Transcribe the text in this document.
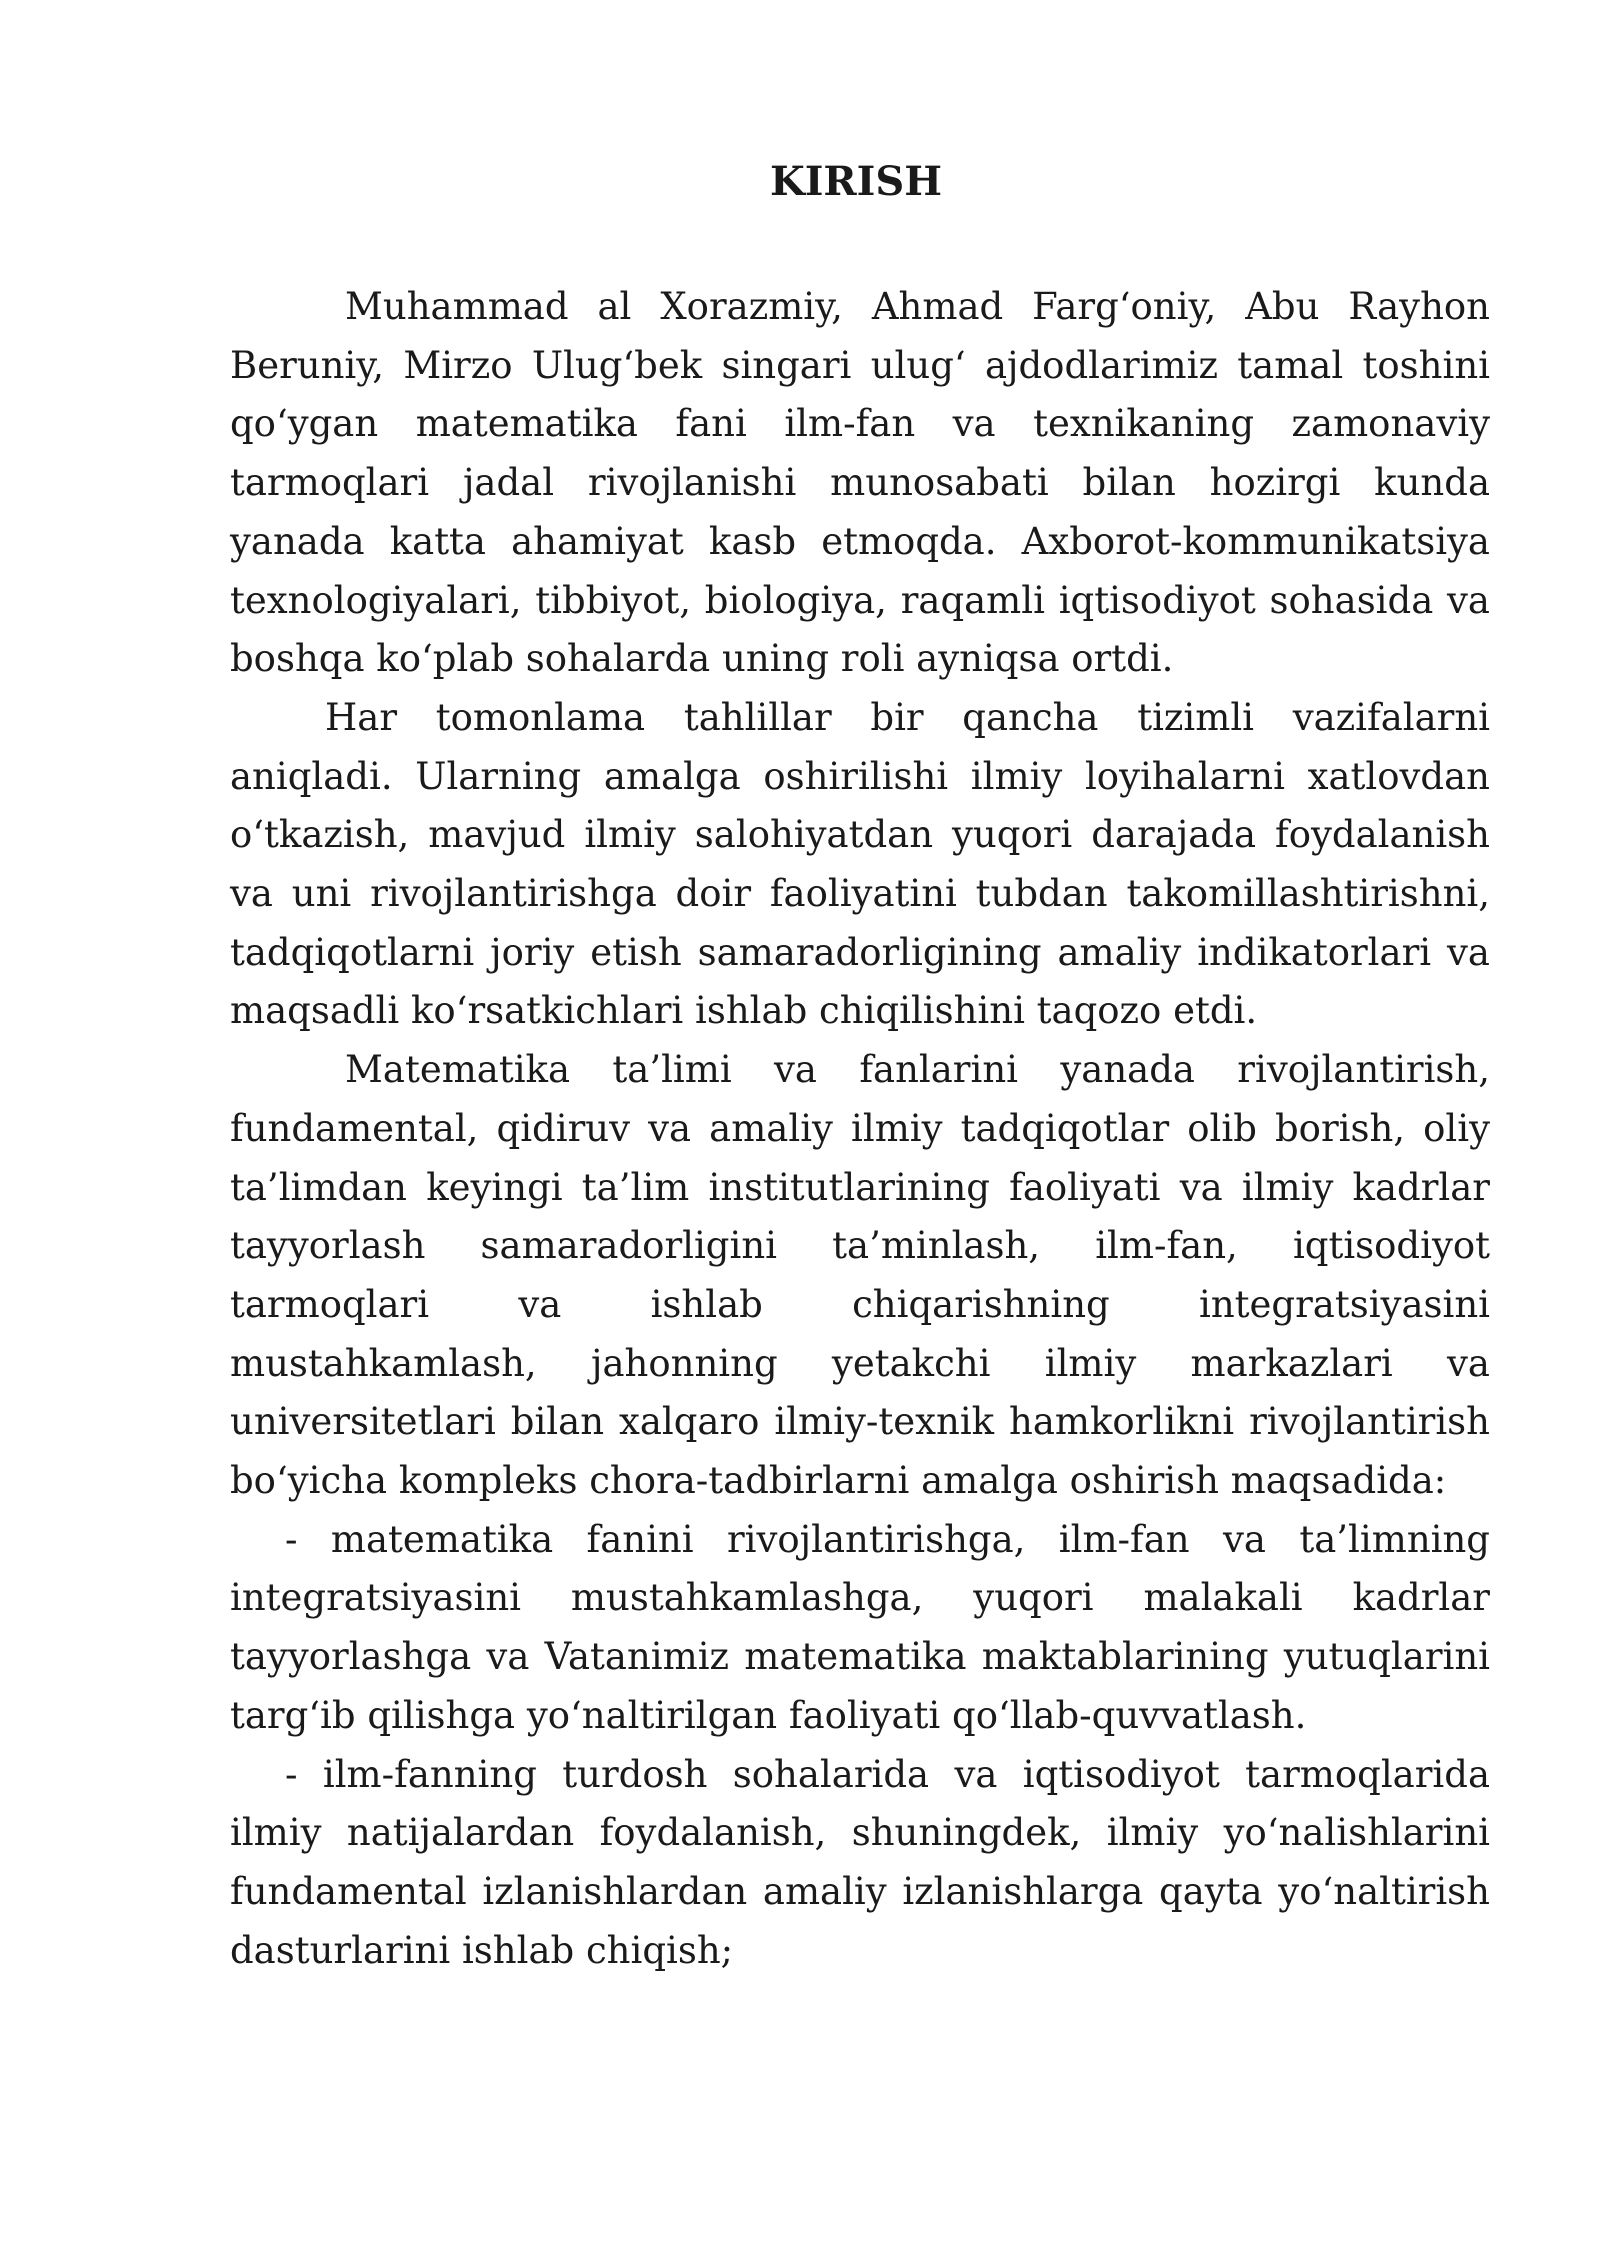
KIRISH

Muhammad al Xorazmiy, Ahmad Farg‘oniy, Abu Rayhon Beruniy, Mirzo Ulug‘bek singari ulug‘ ajdodlarimiz tamal toshini qo‘ygan matematika fani ilm-fan va texnikaning zamonaviy tarmoqlari jadal rivojlanishi munosabati bilan hozirgi kunda yanada katta ahamiyat kasb etmoqda. Axborot-kommunikatsiya texnologiyalari, tibbiyot, biologiya, raqamli iqtisodiyot sohasida va boshqa ko‘plab sohalarda uning roli ayniqsa ortdi.

Har tomonlama tahlillar bir qancha tizimli vazifalarni aniqladi. Ularning amalga oshirilishi ilmiy loyihalarni xatlovdan o‘tkazish, mavjud ilmiy salohiyatdan yuqori darajada foydalanish va uni rivojlantirishga doir faoliyatini tubdan takomillashtirishni, tadqiqotlarni joriy etish samaradorligining amaliy indikatorlari va maqsadli ko‘rsatkichlari ishlab chiqilishini taqozo etdi.

Matematika ta’limi va fanlarini yanada rivojlantirish, fundamental, qidiruv va amaliy ilmiy tadqiqotlar olib borish, oliy ta’limdan keyingi ta’lim institutlarining faoliyati va ilmiy kadrlar tayyorlash samaradorligini ta’minlash, ilm-fan, iqtisodiyot tarmoqlari va ishlab chiqarishning integratsiyasini mustahkamlash, jahonning yetakchi ilmiy markazlari va universitetlari bilan xalqaro ilmiy-texnik hamkorlikni rivojlantirish bo‘yicha kompleks chora-tadbirlarni amalga oshirish maqsadida:

- matematika fanini rivojlantirishga, ilm-fan va ta’limning integratsiyasini mustahkamlashga, yuqori malakali kadrlar tayyorlashga va Vatanimiz matematika maktablarining yutuqlarini targ‘ib qilishga yo‘naltirilgan faoliyati qo‘llab-quvvatlash.

- ilm-fanning turdosh sohalarida va iqtisodiyot tarmoqlarida ilmiy natijalardan foydalanish, shuningdek, ilmiy yo‘nalishlarini fundamental izlanishlardan amaliy izlanishlarga qayta yo‘naltirish dasturlarini ishlab chiqish;
